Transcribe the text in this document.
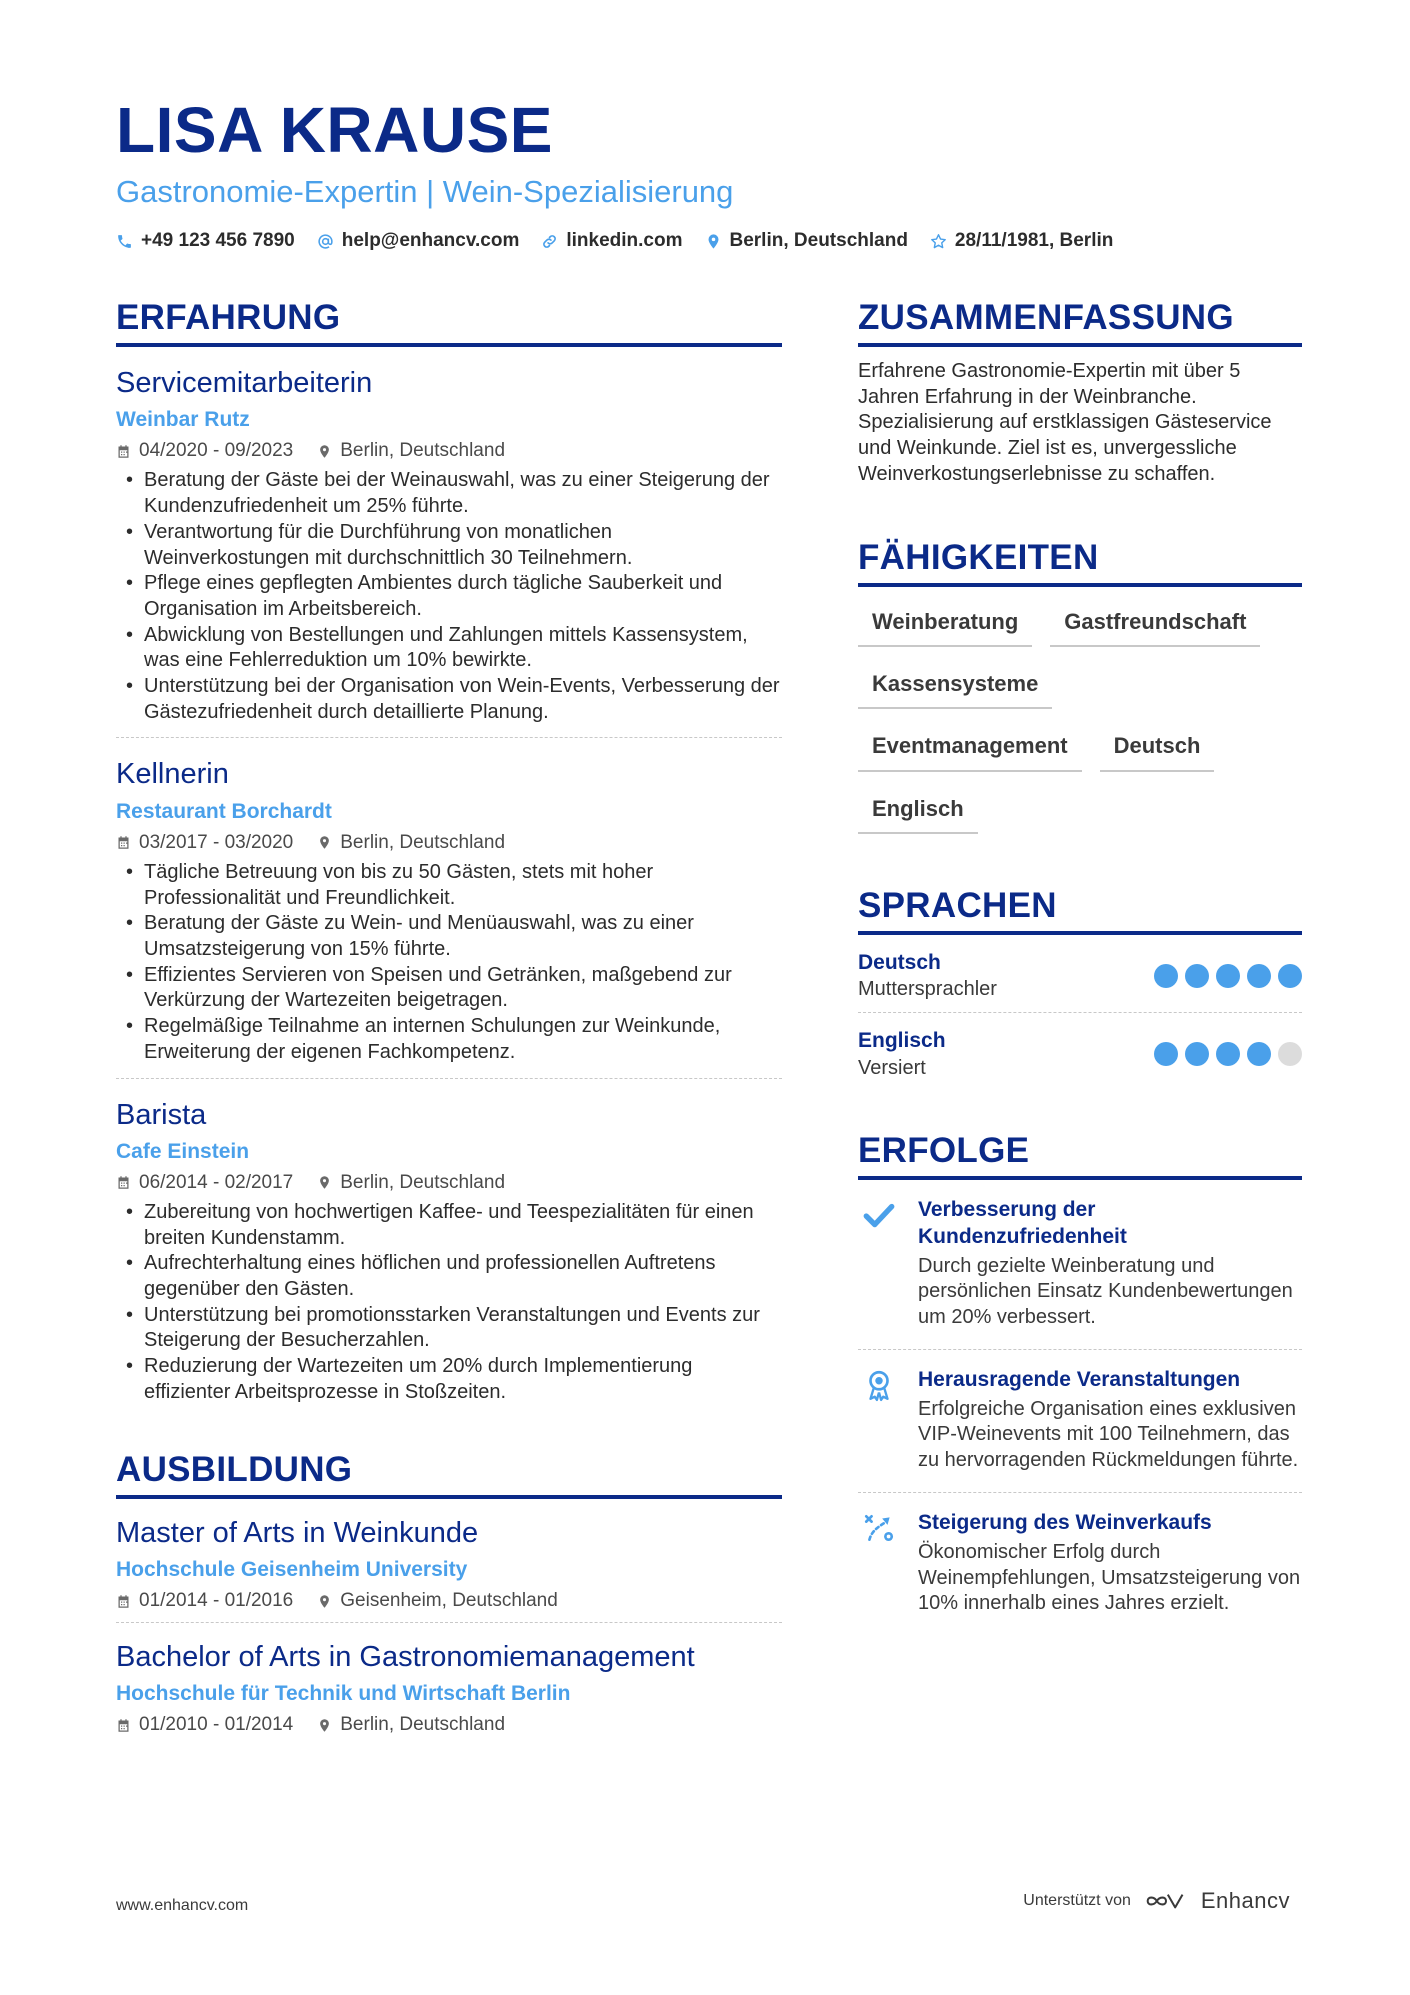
LISA KRAUSE
Gastronomie-Expertin | Wein-Spezialisierung
+49 123 456 7890 help@enhancv.com linkedin.com Berlin, Deutschland 28/11/1981, Berlin
ERFAHRUNG
Servicemitarbeiterin
Weinbar Rutz
04/2020 - 09/2023 Berlin, Deutschland
• Beratung der Gäste bei der Weinauswahl, was zu einer Steigerung der Kundenzufriedenheit um 25% führte.
• Verantwortung für die Durchführung von monatlichen Weinverkostungen mit durchschnittlich 30 Teilnehmern.
• Pflege eines gepflegten Ambientes durch tägliche Sauberkeit und Organisation im Arbeitsbereich.
• Abwicklung von Bestellungen und Zahlungen mittels Kassensystem, was eine Fehlerreduktion um 10% bewirkte.
• Unterstützung bei der Organisation von Wein-Events, Verbesserung der Gästezufriedenheit durch detaillierte Planung.
Kellnerin
Restaurant Borchardt
03/2017 - 03/2020 Berlin, Deutschland
• Tägliche Betreuung von bis zu 50 Gästen, stets mit hoher Professionalität und Freundlichkeit.
• Beratung der Gäste zu Wein- und Menüauswahl, was zu einer Umsatzsteigerung von 15% führte.
• Effizientes Servieren von Speisen und Getränken, maßgebend zur Verkürzung der Wartezeiten beigetragen.
• Regelmäßige Teilnahme an internen Schulungen zur Weinkunde, Erweiterung der eigenen Fachkompetenz.
Barista
Cafe Einstein
06/2014 - 02/2017 Berlin, Deutschland
• Zubereitung von hochwertigen Kaffee- und Teespezialitäten für einen breiten Kundenstamm.
• Aufrechterhaltung eines höflichen und professionellen Auftretens gegenüber den Gästen.
• Unterstützung bei promotionsstarken Veranstaltungen und Events zur Steigerung der Besucherzahlen.
• Reduzierung der Wartezeiten um 20% durch Implementierung effizienter Arbeitsprozesse in Stoßzeiten.
AUSBILDUNG
Master of Arts in Weinkunde
Hochschule Geisenheim University
01/2014 - 01/2016 Geisenheim, Deutschland
Bachelor of Arts in Gastronomiemanagement
Hochschule für Technik und Wirtschaft Berlin
01/2010 - 01/2014 Berlin, Deutschland
ZUSAMMENFASSUNG
Erfahrene Gastronomie-Expertin mit über 5 Jahren Erfahrung in der Weinbranche. Spezialisierung auf erstklassigen Gästeservice und Weinkunde. Ziel ist es, unvergessliche Weinverkostungserlebnisse zu schaffen.
FÄHIGKEITEN
Weinberatung	Gastfreundschaft
Kassensysteme
Eventmanagement	Deutsch
Englisch
SPRACHEN
Deutsch
Muttersprachler
Englisch
Versiert
ERFOLGE
Verbesserung der Kundenzufriedenheit
Durch gezielte Weinberatung und persönlichen Einsatz Kundenbewertungen um 20% verbessert.
Herausragende Veranstaltungen
Erfolgreiche Organisation eines exklusiven VIP-Weinevents mit 100 Teilnehmern, das zu hervorragenden Rückmeldungen führte.
Steigerung des Weinverkaufs
Ökonomischer Erfolg durch Weinempfehlungen, Umsatzsteigerung von 10% innerhalb eines Jahres erzielt.
www.enhancv.com	Unterstützt von	Enhancv
